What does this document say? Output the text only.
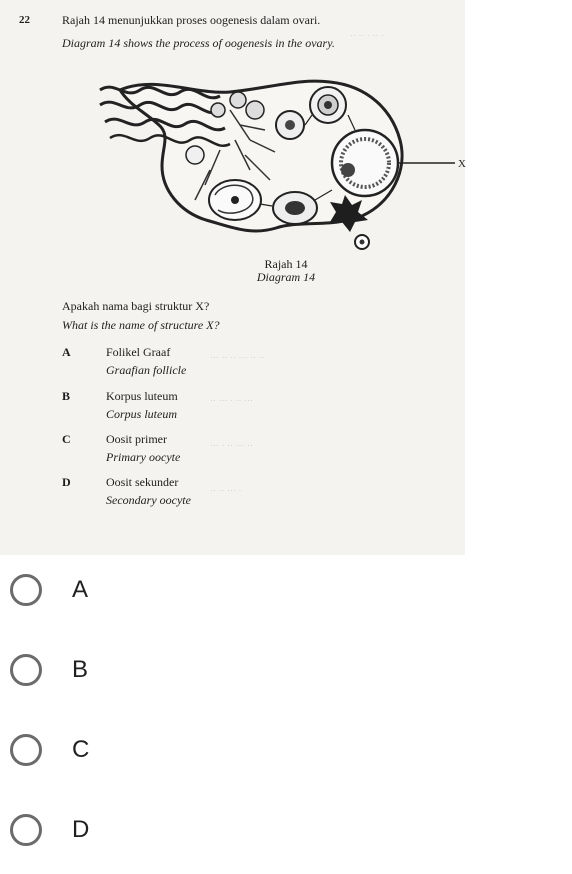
·· ·· · ·· ·
··· ·· ·· ··· ·· ··
·· ··· · ·· ···
··· · ·· ··· ··
·· ·· ··· ·
22	Rajah 14 menunjukkan proses oogenesis dalam ovari.
Diagram 14 shows the process of oogenesis in the ovary.
X
Rajah 14
Diagram 14
Apakah nama bagi struktur X?
What is the name of structure X?
A	Folikel Graaf
Graafian follicle
B	Korpus luteum
Corpus luteum
C	Oosit primer
Primary oocyte
D	Oosit sekunder
Secondary oocyte
A
B
C
D
